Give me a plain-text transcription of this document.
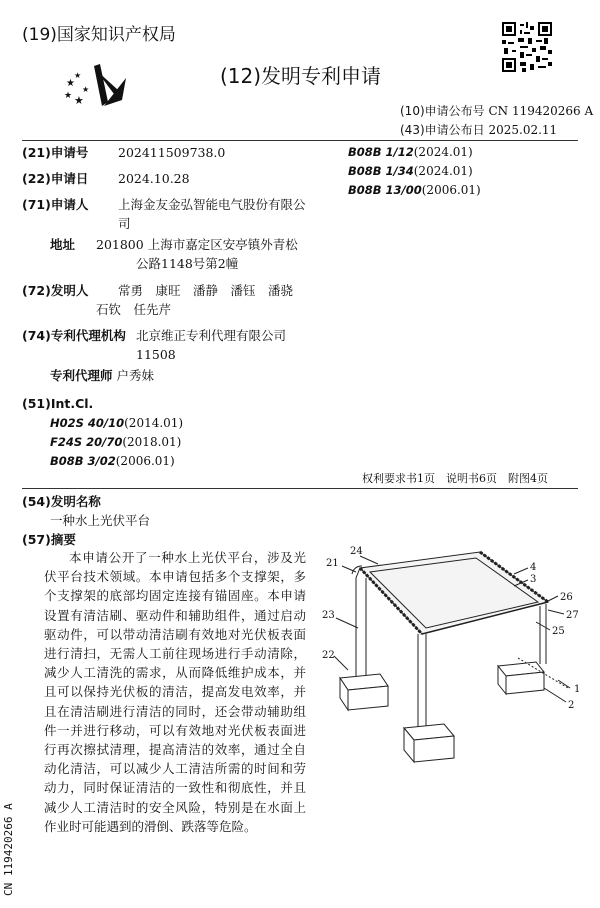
(19)国家知识产权局
★
★
★ ★
★
(12)发明专利申请
(10)申请公布号 CN 119420266 A
(43)申请公布日 2025.02.11
(21)申请号 202411509738.0
(22)申请日 2024.10.28
(71)申请人 上海金友金弘智能电气股份有限公
司
地址 201800 上海市嘉定区安亭镇外青松
公路1148号第2幢
(72)发明人 常勇　康旺　潘静　潘钰　潘骁
石钦　任先芹
(74)专利代理机构 北京维正专利代理有限公司
11508
专利代理师 户秀妹
(51)Int.Cl.
H02S 40/10(2014.01)
F24S 20/70(2018.01)
B08B 3/02(2006.01)
B08B 1/12(2024.01)
B08B 1/34(2024.01)
B08B 13/00(2006.01)
权利要求书1页　说明书6页　附图4页
(54)发明名称
一种水上光伏平台
(57)摘要
本申请公开了一种水上光伏平台，涉及光伏平台技术领域。本申请包括多个支撑架，多个支撑架的底部均固定连接有锚固座。本申请设置有清洁刷、驱动件和辅助组件，通过启动驱动件，可以带动清洁刷有效地对光伏板表面进行清扫，无需人工前往现场进行手动清除，减少人工清洗的需求，从而降低维护成本，并且可以保持光伏板的清洁，提高发电效率，并且在清洁刷进行清洁的同时，还会带动辅助组件一并进行移动，可以有效地对光伏板表面进行再次擦拭清理，提高清洁的效率，通过全自动化清洁，可以减少人工清洁所需的时间和劳动力，同时保证清洁的一致性和彻底性，并且减少人工清洁时的安全风险，特别是在水面上作业时可能遇到的滑倒、跌落等危险。
24
21	4
3
26
27
25
23
22
1
2
CN 119420266 A
